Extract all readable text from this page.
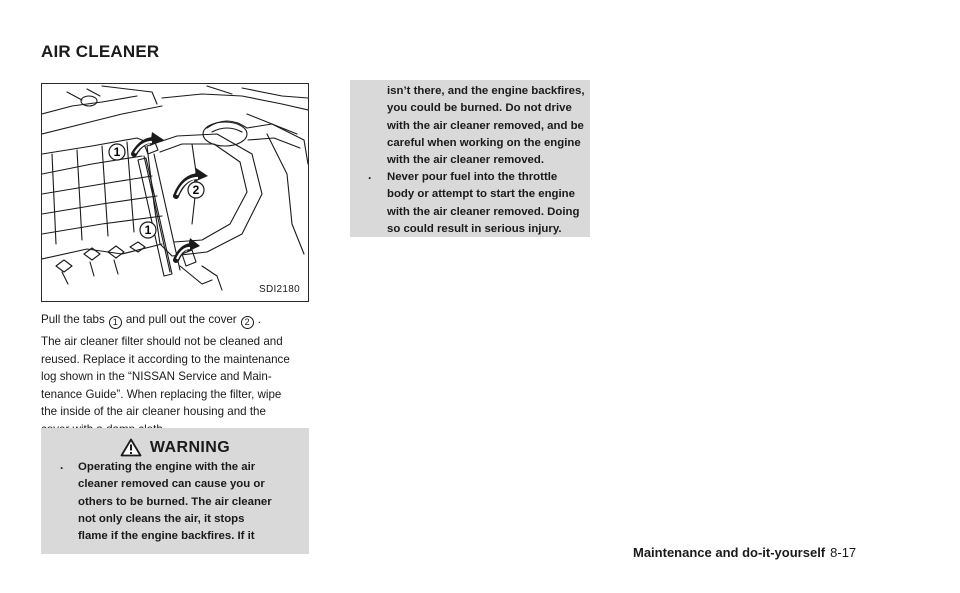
AIR CLEANER
1
2
1
SDI2180
Pull the tabs 1 and pull out the cover 2 .
The air cleaner filter should not be cleaned and
reused. Replace it according to the maintenance
log shown in the “NISSAN Service and Main-
tenance Guide”. When replacing the filter, wipe
the inside of the air cleaner housing and the
WARNING
. Operating the engine with the air
cleaner removed can cause you or
others to be burned. The air cleaner
not only cleans the air, it stops
flame if the engine backfires. If it
isn’t there, and the engine backfires,
you could be burned. Do not drive
with the air cleaner removed, and be
careful when working on the engine
with the air cleaner removed.
. Never pour fuel into the throttle
body or attempt to start the engine
with the air cleaner removed. Doing
so could result in serious injury.
Maintenance and do-it-yourself 8-17
